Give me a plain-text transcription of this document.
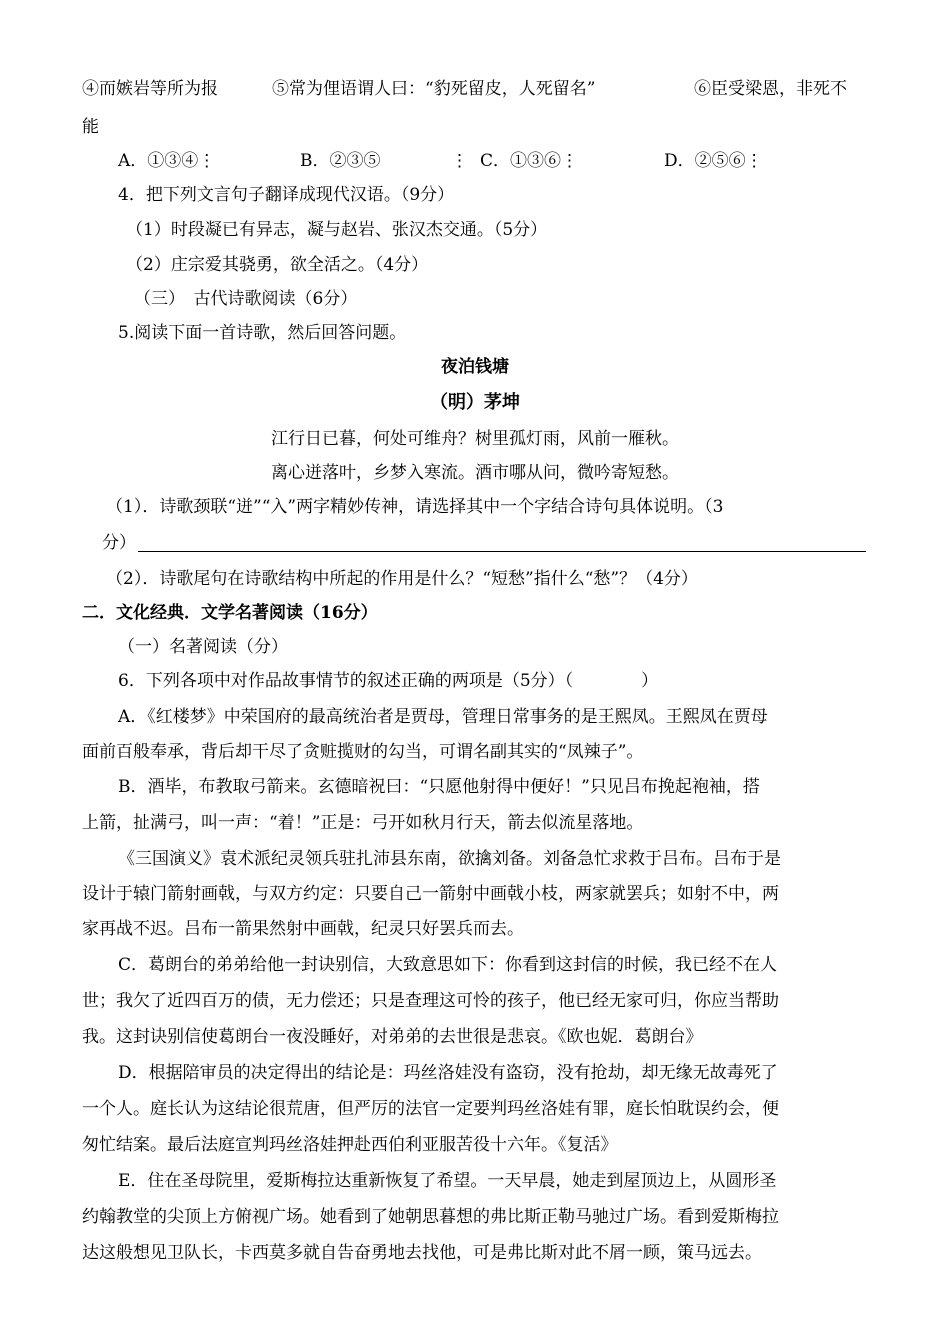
④而嫉岩等所为报	⑤常为俚语谓人曰：“豹死留皮，人死留名”	⑥臣受梁恩，非死不
能
A．①③④⋮	B．②③⑤	⋮ C．①③⑥⋮	D．②⑤⑥⋮
4．把下列文言句子翻译成现代汉语。（9分）
（1）时段凝已有异志，凝与赵岩、张汉杰交通。（5分）
（2）庄宗爱其骁勇，欲全活之。（4分）
（三）　古代诗歌阅读（6分）
5.阅读下面一首诗歌，然后回答问题。
夜泊钱塘
（明）茅坤
江行日已暮，何处可维舟？树里孤灯雨，风前一雁秋。
离心迸落叶，乡梦入寒流。酒市哪从问，微吟寄短愁。
（1）．诗歌颈联“迸”“入”两字精妙传神，请选择其中一个字结合诗句具体说明。（3
分）
（2）．诗歌尾句在诗歌结构中所起的作用是什么？“短愁”指什么“愁”？（4分）
二．文化经典．文学名著阅读（16分）
（一）名著阅读（分）
6．下列各项中对作品故事情节的叙述正确的两项是（5分）（　　　　）
A．《红楼梦》中荣国府的最高统治者是贾母，管理日常事务的是王熙凤。王熙凤在贾母
面前百般奉承，背后却干尽了贪赃揽财的勾当，可谓名副其实的“凤辣子”。
B．酒毕，布教取弓箭来。玄德暗祝曰：“只愿他射得中便好！”只见吕布挽起袍袖，搭
上箭，扯满弓，叫一声：“着！”正是：弓开如秋月行天，箭去似流星落地。
《三国演义》袁术派纪灵领兵驻扎沛县东南，欲擒刘备。刘备急忙求救于吕布。吕布于是
设计于辕门箭射画戟，与双方约定：只要自己一箭射中画戟小枝，两家就罢兵；如射不中，两
家再战不迟。吕布一箭果然射中画戟，纪灵只好罢兵而去。
C．葛朗台的弟弟给他一封诀别信，大致意思如下：你看到这封信的时候，我已经不在人
世；我欠了近四百万的债，无力偿还；只是查理这可怜的孩子，他已经无家可归，你应当帮助
我。这封诀别信使葛朗台一夜没睡好，对弟弟的去世很是悲哀。《欧也妮．葛朗台》
D．根据陪审员的决定得出的结论是：玛丝洛娃没有盗窃，没有抢劫，却无缘无故毒死了
一个人。庭长认为这结论很荒唐，但严厉的法官一定要判玛丝洛娃有罪，庭长怕耽误约会，便
匆忙结案。最后法庭宣判玛丝洛娃押赴西伯利亚服苦役十六年。《复活》
E．住在圣母院里，爱斯梅拉达重新恢复了希望。一天早晨，她走到屋顶边上，从圆形圣
约翰教堂的尖顶上方俯视广场。她看到了她朝思暮想的弗比斯正勒马驰过广场。看到爱斯梅拉
达这般想见卫队长，卡西莫多就自告奋勇地去找他，可是弗比斯对此不屑一顾，策马远去。
